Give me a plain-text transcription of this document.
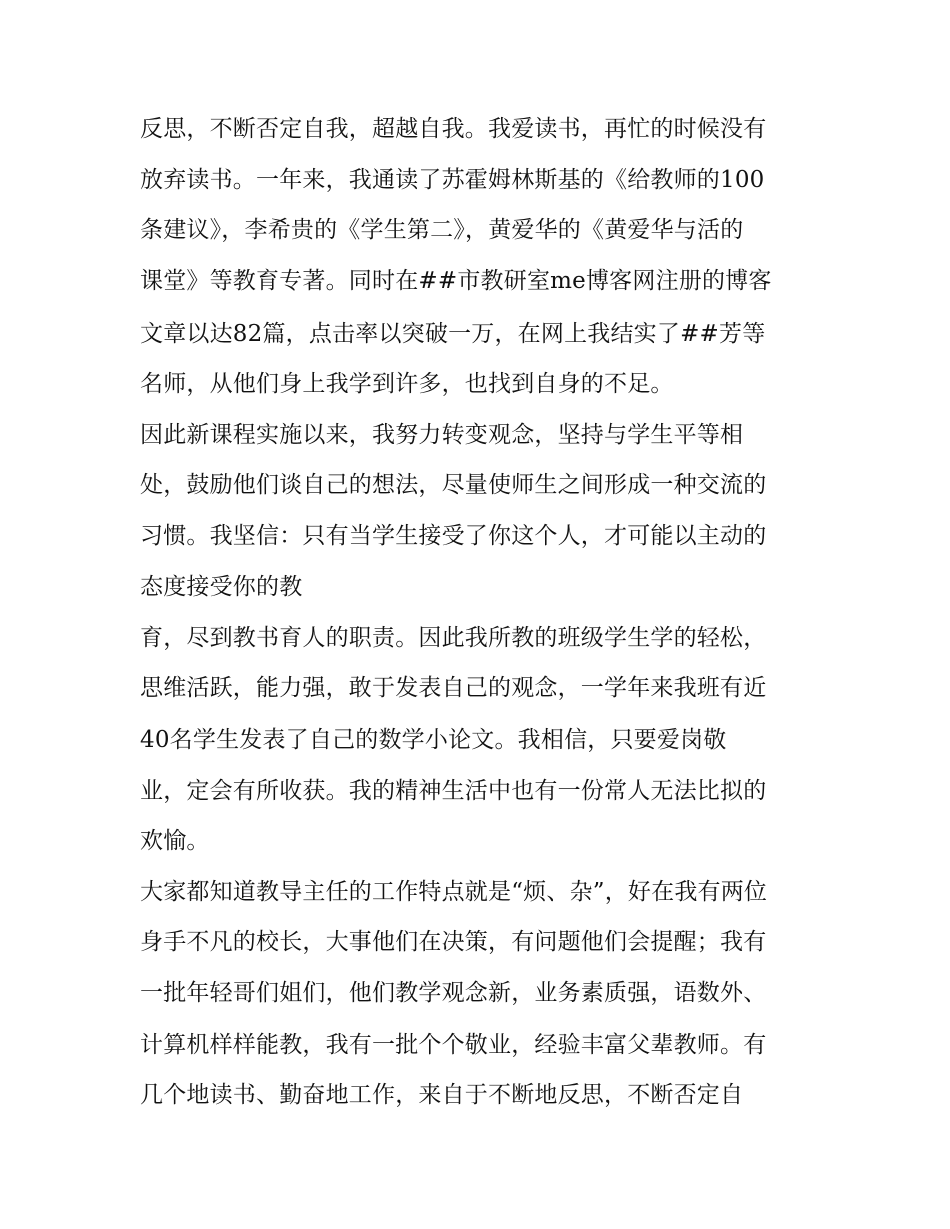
反思，不断否定自我，超越自我。我爱读书，再忙的时候没有
放弃读书。一年来，我通读了苏霍姆林斯基的《给教师的100
条建议》，李希贵的《学生第二》，黄爱华的《黄爱华与活的
课堂》等教育专著。同时在##市教研室me博客网注册的博客
文章以达82篇，点击率以突破一万，在网上我结实了##芳等
名师，从他们身上我学到许多，也找到自身的不足。
因此新课程实施以来，我努力转变观念，坚持与学生平等相
处，鼓励他们谈自己的想法，尽量使师生之间形成一种交流的
习惯。我坚信：只有当学生接受了你这个人，才可能以主动的
态度接受你的教
育，尽到教书育人的职责。因此我所教的班级学生学的轻松，
思维活跃，能力强，敢于发表自己的观念，一学年来我班有近
40名学生发表了自己的数学小论文。我相信，只要爱岗敬
业，定会有所收获。我的精神生活中也有一份常人无法比拟的
欢愉。
大家都知道教导主任的工作特点就是“烦、杂”，好在我有两位
身手不凡的校长，大事他们在决策，有问题他们会提醒；我有
一批年轻哥们姐们，他们教学观念新，业务素质强，语数外、
计算机样样能教，我有一批个个敬业，经验丰富父辈教师。有
几个地读书、勤奋地工作，来自于不断地反思，不断否定自
